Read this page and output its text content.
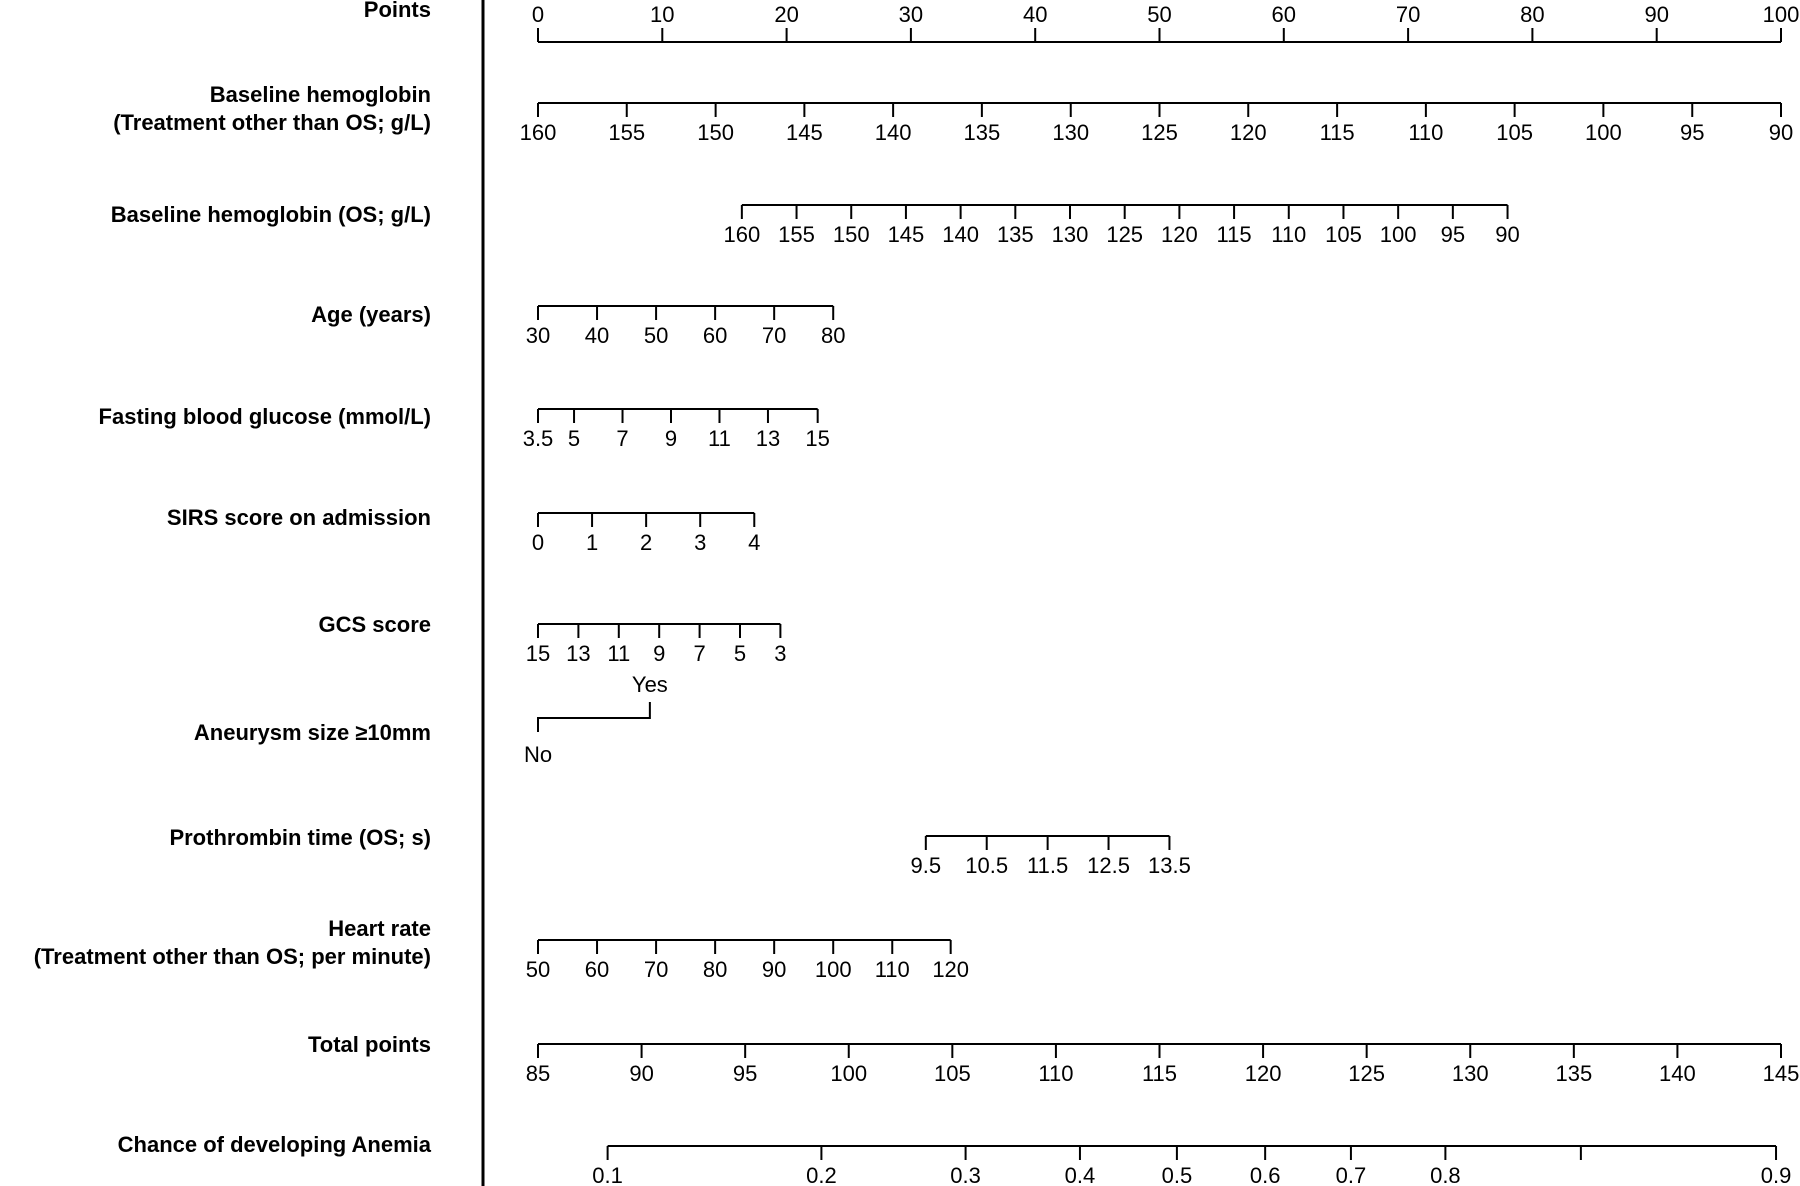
Points	0	10	20	30	40	50	60	70	80	90	100
Baseline hemoglobin
(Treatment other than OS; g/L)	160 155 150 145 140 135 130 125 120 115 110 105 100	95	90
Baseline hemoglobin (OS; g/L)
160 155 150 145 140 135 130 125 120 115 110 105 100 95 90
Age (years)
30 40 50 60 70 80
Fasting blood glucose (mmol/L)
3.5 5 7 9 11 13 15
SIRS score on admission
0 1 2 3 4
GCS score
15 13 11 9 7 5 3
Aneurysm size ≥10mm
No
Yes
Prothrombin time (OS; s)
9.5 10.5 11.5 12.5 13.5
Heart rate
(Treatment other than OS; per minute)
50 60 70 80 90 100 110 120
Total points
85	90	95	100	105	110	115	120	125	130	135	140	145
Chance of developing Anemia
0.1	0.2	0.3	0.4	0.5	0.6	0.7	0.8	0.9
